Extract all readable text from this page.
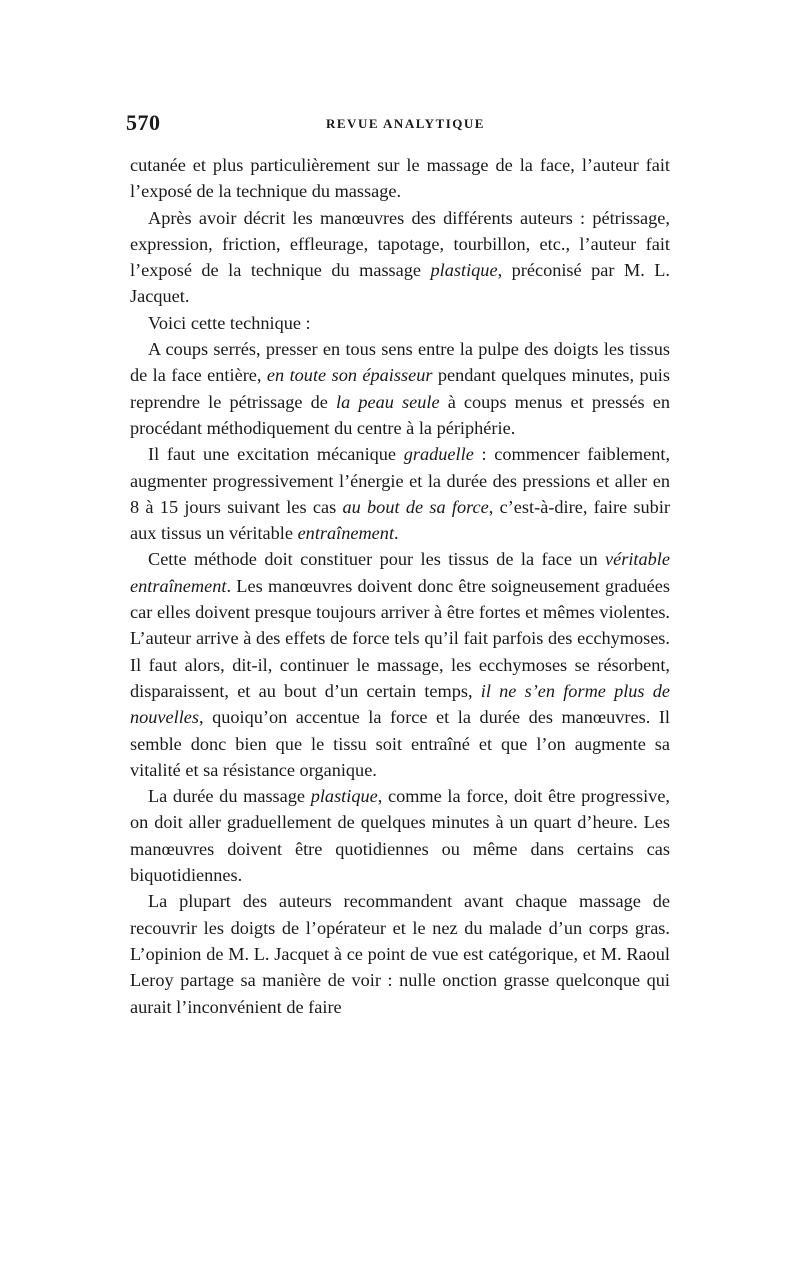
570	REVUE ANALYTIQUE

cutanée et plus particulièrement sur le massage de la face, l’auteur fait l’exposé de la technique du massage.

Après avoir décrit les manœuvres des différents auteurs : pétrissage, expression, friction, effleurage, tapotage, tourbillon, etc., l’auteur fait l’exposé de la technique du massage plastique, préconisé par M. L. Jacquet.

Voici cette technique :

A coups serrés, presser en tous sens entre la pulpe des doigts les tissus de la face entière, en toute son épaisseur pendant quelques minutes, puis reprendre le pétrissage de la peau seule à coups menus et pressés en procédant méthodiquement du centre à la périphérie.

Il faut une excitation mécanique graduelle : commencer faiblement, augmenter progressivement l’énergie et la durée des pressions et aller en 8 à 15 jours suivant les cas au bout de sa force, c’est-à-dire, faire subir aux tissus un véritable entraînement.

Cette méthode doit constituer pour les tissus de la face un véritable entraînement. Les manœuvres doivent donc être soigneusement graduées car elles doivent presque toujours arriver à être fortes et mêmes violentes. L’auteur arrive à des effets de force tels qu’il fait parfois des ecchymoses. Il faut alors, dit-il, continuer le massage, les ecchymoses se résorbent, disparaissent, et au bout d’un certain temps, il ne s’en forme plus de nouvelles, quoiqu’on accentue la force et la durée des manœuvres. Il semble donc bien que le tissu soit entraîné et que l’on augmente sa vitalité et sa résistance organique.

La durée du massage plastique, comme la force, doit être progressive, on doit aller graduellement de quelques minutes à un quart d’heure. Les manœuvres doivent être quotidiennes ou même dans certains cas biquotidiennes.

La plupart des auteurs recommandent avant chaque massage de recouvrir les doigts de l’opérateur et le nez du malade d’un corps gras. L’opinion de M. L. Jacquet à ce point de vue est catégorique, et M. Raoul Leroy partage sa manière de voir : nulle onction grasse quelconque qui aurait l’inconvénient de faire
